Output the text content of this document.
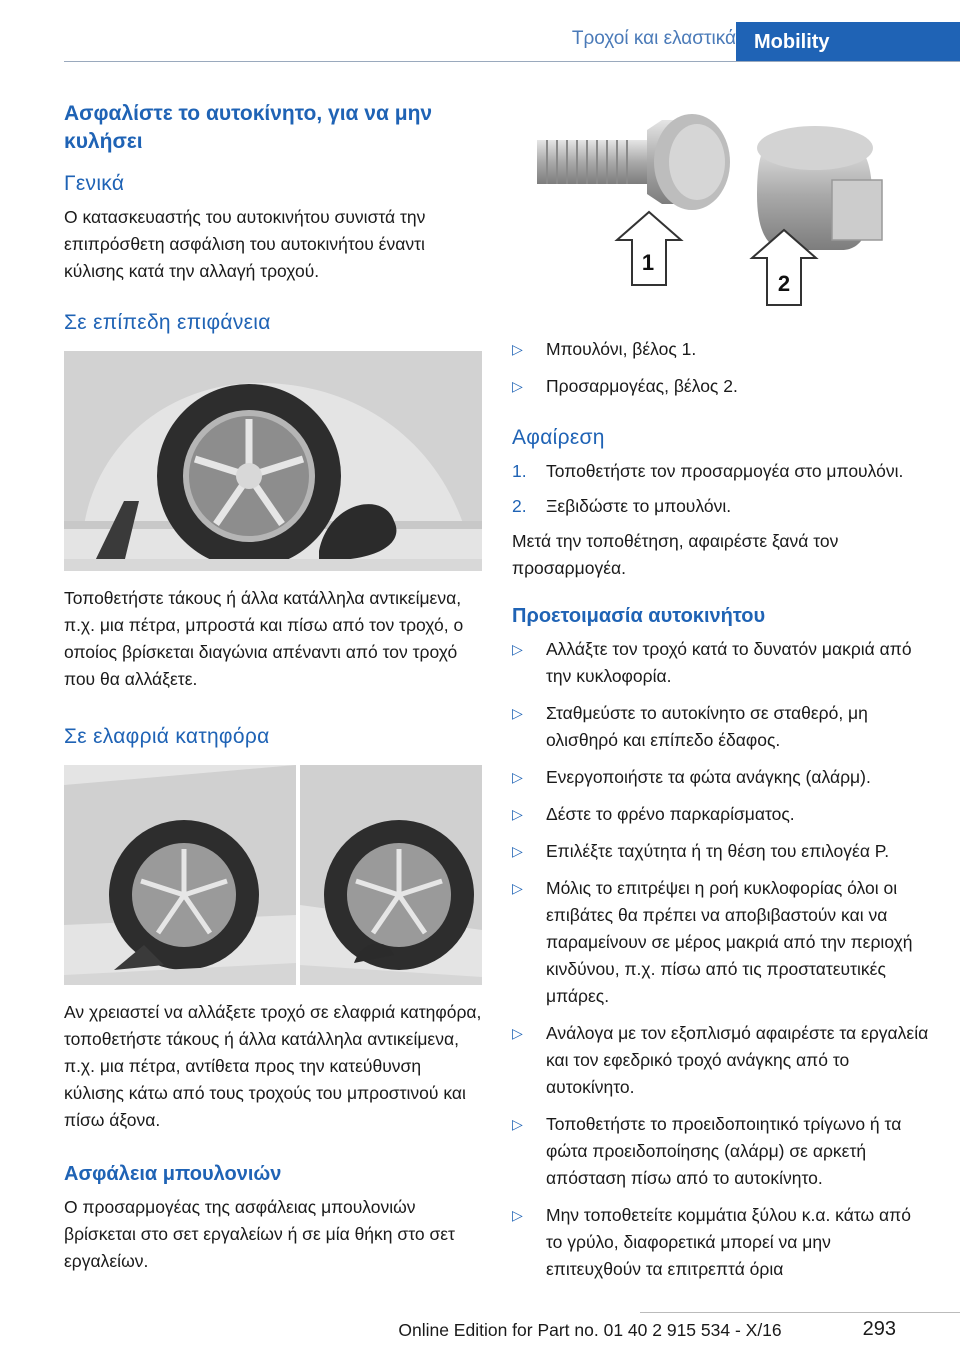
Τροχοί και ελαστικά Mobility
Ασφαλίστε το αυτοκίνητο, για να μην κυλήσει
Γενικά

Ο κατασκευαστής του αυτοκινήτου συνιστά την επιπρόσθετη ασφάλιση του αυτοκινήτου έναντι κύλισης κατά την αλλαγή τροχού.

Σε επίπεδη επιφάνεια

Τοποθετήστε τάκους ή άλλα κατάλληλα αντικείμενα, π.χ. μια πέτρα, μπροστά και πίσω από τον τροχό, ο οποίος βρίσκεται διαγώνια απέναντι από τον τροχό που θα αλλάξετε.

Σε ελαφριά κατηφόρα

Αν χρειαστεί να αλλάξετε τροχό σε ελαφριά κατηφόρα, τοποθετήστε τάκους ή άλλα κατάλληλα αντικείμενα, π.χ. μια πέτρα, αντίθετα προς την κατεύθυνση κύλισης κάτω από τους τροχούς του μπροστινού και πίσω άξονα.

Ασφάλεια μπουλονιών

Ο προσαρμογέας της ασφάλειας μπουλονιών βρίσκεται στο σετ εργαλείων ή σε μία θήκη στο σετ εργαλείων.

1
2
▷ Μπουλόνι, βέλος 1.
▷ Προσαρμογέας, βέλος 2.
Αφαίρεση
1. Τοποθετήστε τον προσαρμογέα στο μπουλόνι.
2. Ξεβιδώστε το μπουλόνι.

Μετά την τοποθέτηση, αφαιρέστε ξανά τον προσαρμογέα.

Προετοιμασία αυτοκινήτου
▷ Αλλάξτε τον τροχό κατά το δυνατόν μακριά από την κυκλοφορία.
▷ Σταθμεύστε το αυτοκίνητο σε σταθερό, μη ολισθηρό και επίπεδο έδαφος.
▷ Ενεργοποιήστε τα φώτα ανάγκης (αλάρμ).
▷ Δέστε το φρένο παρκαρίσματος.
▷ Επιλέξτε ταχύτητα ή τη θέση του επιλογέα P.
▷ Μόλις το επιτρέψει η ροή κυκλοφορίας όλοι οι επιβάτες θα πρέπει να αποβιβαστούν και να παραμείνουν σε μέρος μακριά από την περιοχή κινδύνου, π.χ. πίσω από τις προστατευτικές μπάρες.
▷ Ανάλογα με τον εξοπλισμό αφαιρέστε τα εργαλεία και τον εφεδρικό τροχό ανάγκης από το αυτοκίνητο.
▷ Τοποθετήστε το προειδοποιητικό τρίγωνο ή τα φώτα προειδοποίησης (αλάρμ) σε αρκετή απόσταση πίσω από το αυτοκίνητο.
▷ Μην τοποθετείτε κομμάτια ξύλου κ.α. κάτω από το γρύλο, διαφορετικά μπορεί να μην επιτευχθούν τα επιτρεπτά όρια
293
Online Edition for Part no. 01 40 2 915 534 - X/16
